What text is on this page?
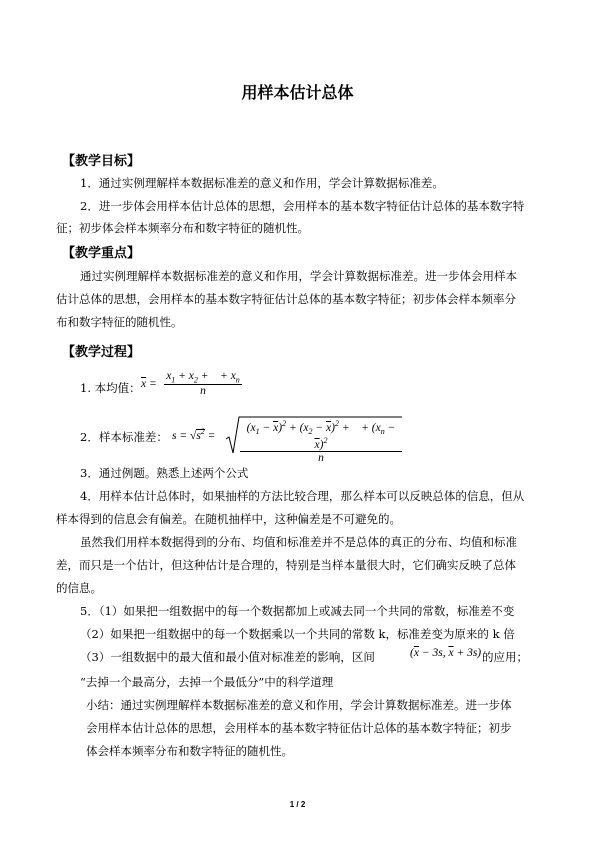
用样本估计总体
【教学目标】
1．通过实例理解样本数据标准差的意义和作用，学会计算数据标准差。
2．进一步体会用样本估计总体的思想，会用样本的基本数字特征估计总体的基本数字特
征；初步体会样本频率分布和数字特征的随机性。
【教学重点】
通过实例理解样本数据标准差的意义和作用，学会计算数据标准差。进一步体会用样本
估计总体的思想，会用样本的基本数字特征估计总体的基本数字特征；初步体会样本频率分
布和数字特征的随机性。
【教学过程】
1. 本均值： $\overline{x}$ =
$x_1 + x_2$ +    + $x_n$
n
2．样本标准差： $s = √s^2$ =
$(x_1 - \overline{x})^2 + (x_2 - \overline{x})^2$ +    + $(x_n - \overline{x})^2$
n
3．通过例题。熟悉上述两个公式
4．用样本估计总体时，如果抽样的方法比较合理，那么样本可以反映总体的信息，但从
样本得到的信息会有偏差。在随机抽样中，这种偏差是不可避免的。
虽然我们用样本数据得到的分布、均值和标准差并不是总体的真正的分布、均值和标准
差，而只是一个估计，但这种估计是合理的，特别是当样本量很大时，它们确实反映了总体
的信息。
5．（1）如果把一组数据中的每一个数据都加上或减去同一个共同的常数，标准差不变
（2）如果把一组数据中的每一个数据乘以一个共同的常数 k，标准差变为原来的 k 倍
（3）一组数据中的最大值和最小值对标准差的影响，区间	($\overline{x} - 3s$, $\overline{x} + 3s$) 的应用；
“去掉一个最高分，去掉一个最低分”中的科学道理
小结：通过实例理解样本数据标准差的意义和作用，学会计算数据标准差。进一步体
会用样本估计总体的思想，会用样本的基本数字特征估计总体的基本数字特征；初步
体会样本频率分布和数字特征的随机性。
1 / 2
